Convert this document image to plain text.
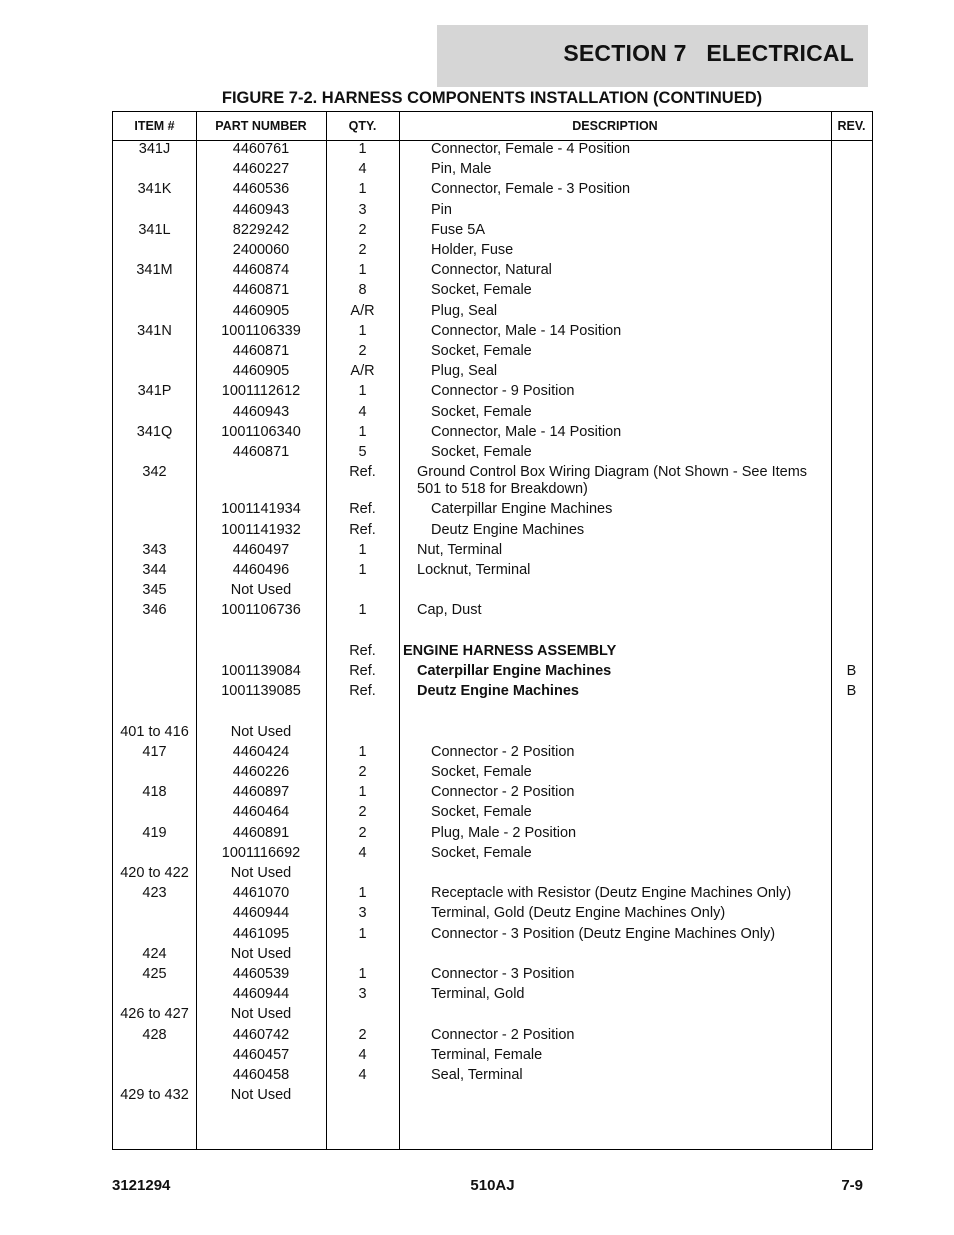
SECTION 7   ELECTRICAL
FIGURE 7-2. HARNESS COMPONENTS INSTALLATION (CONTINUED)
ITEM #	PART NUMBER	QTY.	DESCRIPTION	REV.
341J	4460761	1	Connector, Female - 4 Position
4460227	4	Pin, Male
341K	4460536	1	Connector, Female - 3 Position
4460943	3	Pin
341L	8229242	2	Fuse 5A
2400060	2	Holder, Fuse
341M	4460874	1	Connector, Natural
4460871	8	Socket, Female
4460905	A/R	Plug, Seal
341N	1001106339	1	Connector, Male - 14 Position
4460871	2	Socket, Female
4460905	A/R	Plug, Seal
341P	1001112612	1	Connector - 9 Position
4460943	4	Socket, Female
341Q	1001106340	1	Connector, Male - 14 Position
4460871	5	Socket, Female
342	Ref.	Ground Control Box Wiring Diagram (Not Shown - See Items 501 to 518 for Breakdown)
1001141934	Ref.	Caterpillar Engine Machines
1001141932	Ref.	Deutz Engine Machines
343	4460497	1	Nut, Terminal
344	4460496	1	Locknut, Terminal
345	Not Used
346	1001106736	1	Cap, Dust
Ref.	ENGINE HARNESS ASSEMBLY
1001139084	Ref.	Caterpillar Engine Machines	B
1001139085	Ref.	Deutz Engine Machines	B
401 to 416	Not Used
417	4460424	1	Connector - 2 Position
4460226	2	Socket, Female
418	4460897	1	Connector - 2 Position
4460464	2	Socket, Female
419	4460891	2	Plug, Male - 2 Position
1001116692	4	Socket, Female
420 to 422	Not Used
423	4461070	1	Receptacle with Resistor (Deutz Engine Machines Only)
4460944	3	Terminal, Gold (Deutz Engine Machines Only)
4461095	1	Connector - 3 Position (Deutz Engine Machines Only)
424	Not Used
425	4460539	1	Connector - 3 Position
4460944	3	Terminal, Gold
426 to 427	Not Used
428	4460742	2	Connector - 2 Position
4460457	4	Terminal, Female
4460458	4	Seal, Terminal
429 to 432	Not Used
3121294	510AJ	7-9
